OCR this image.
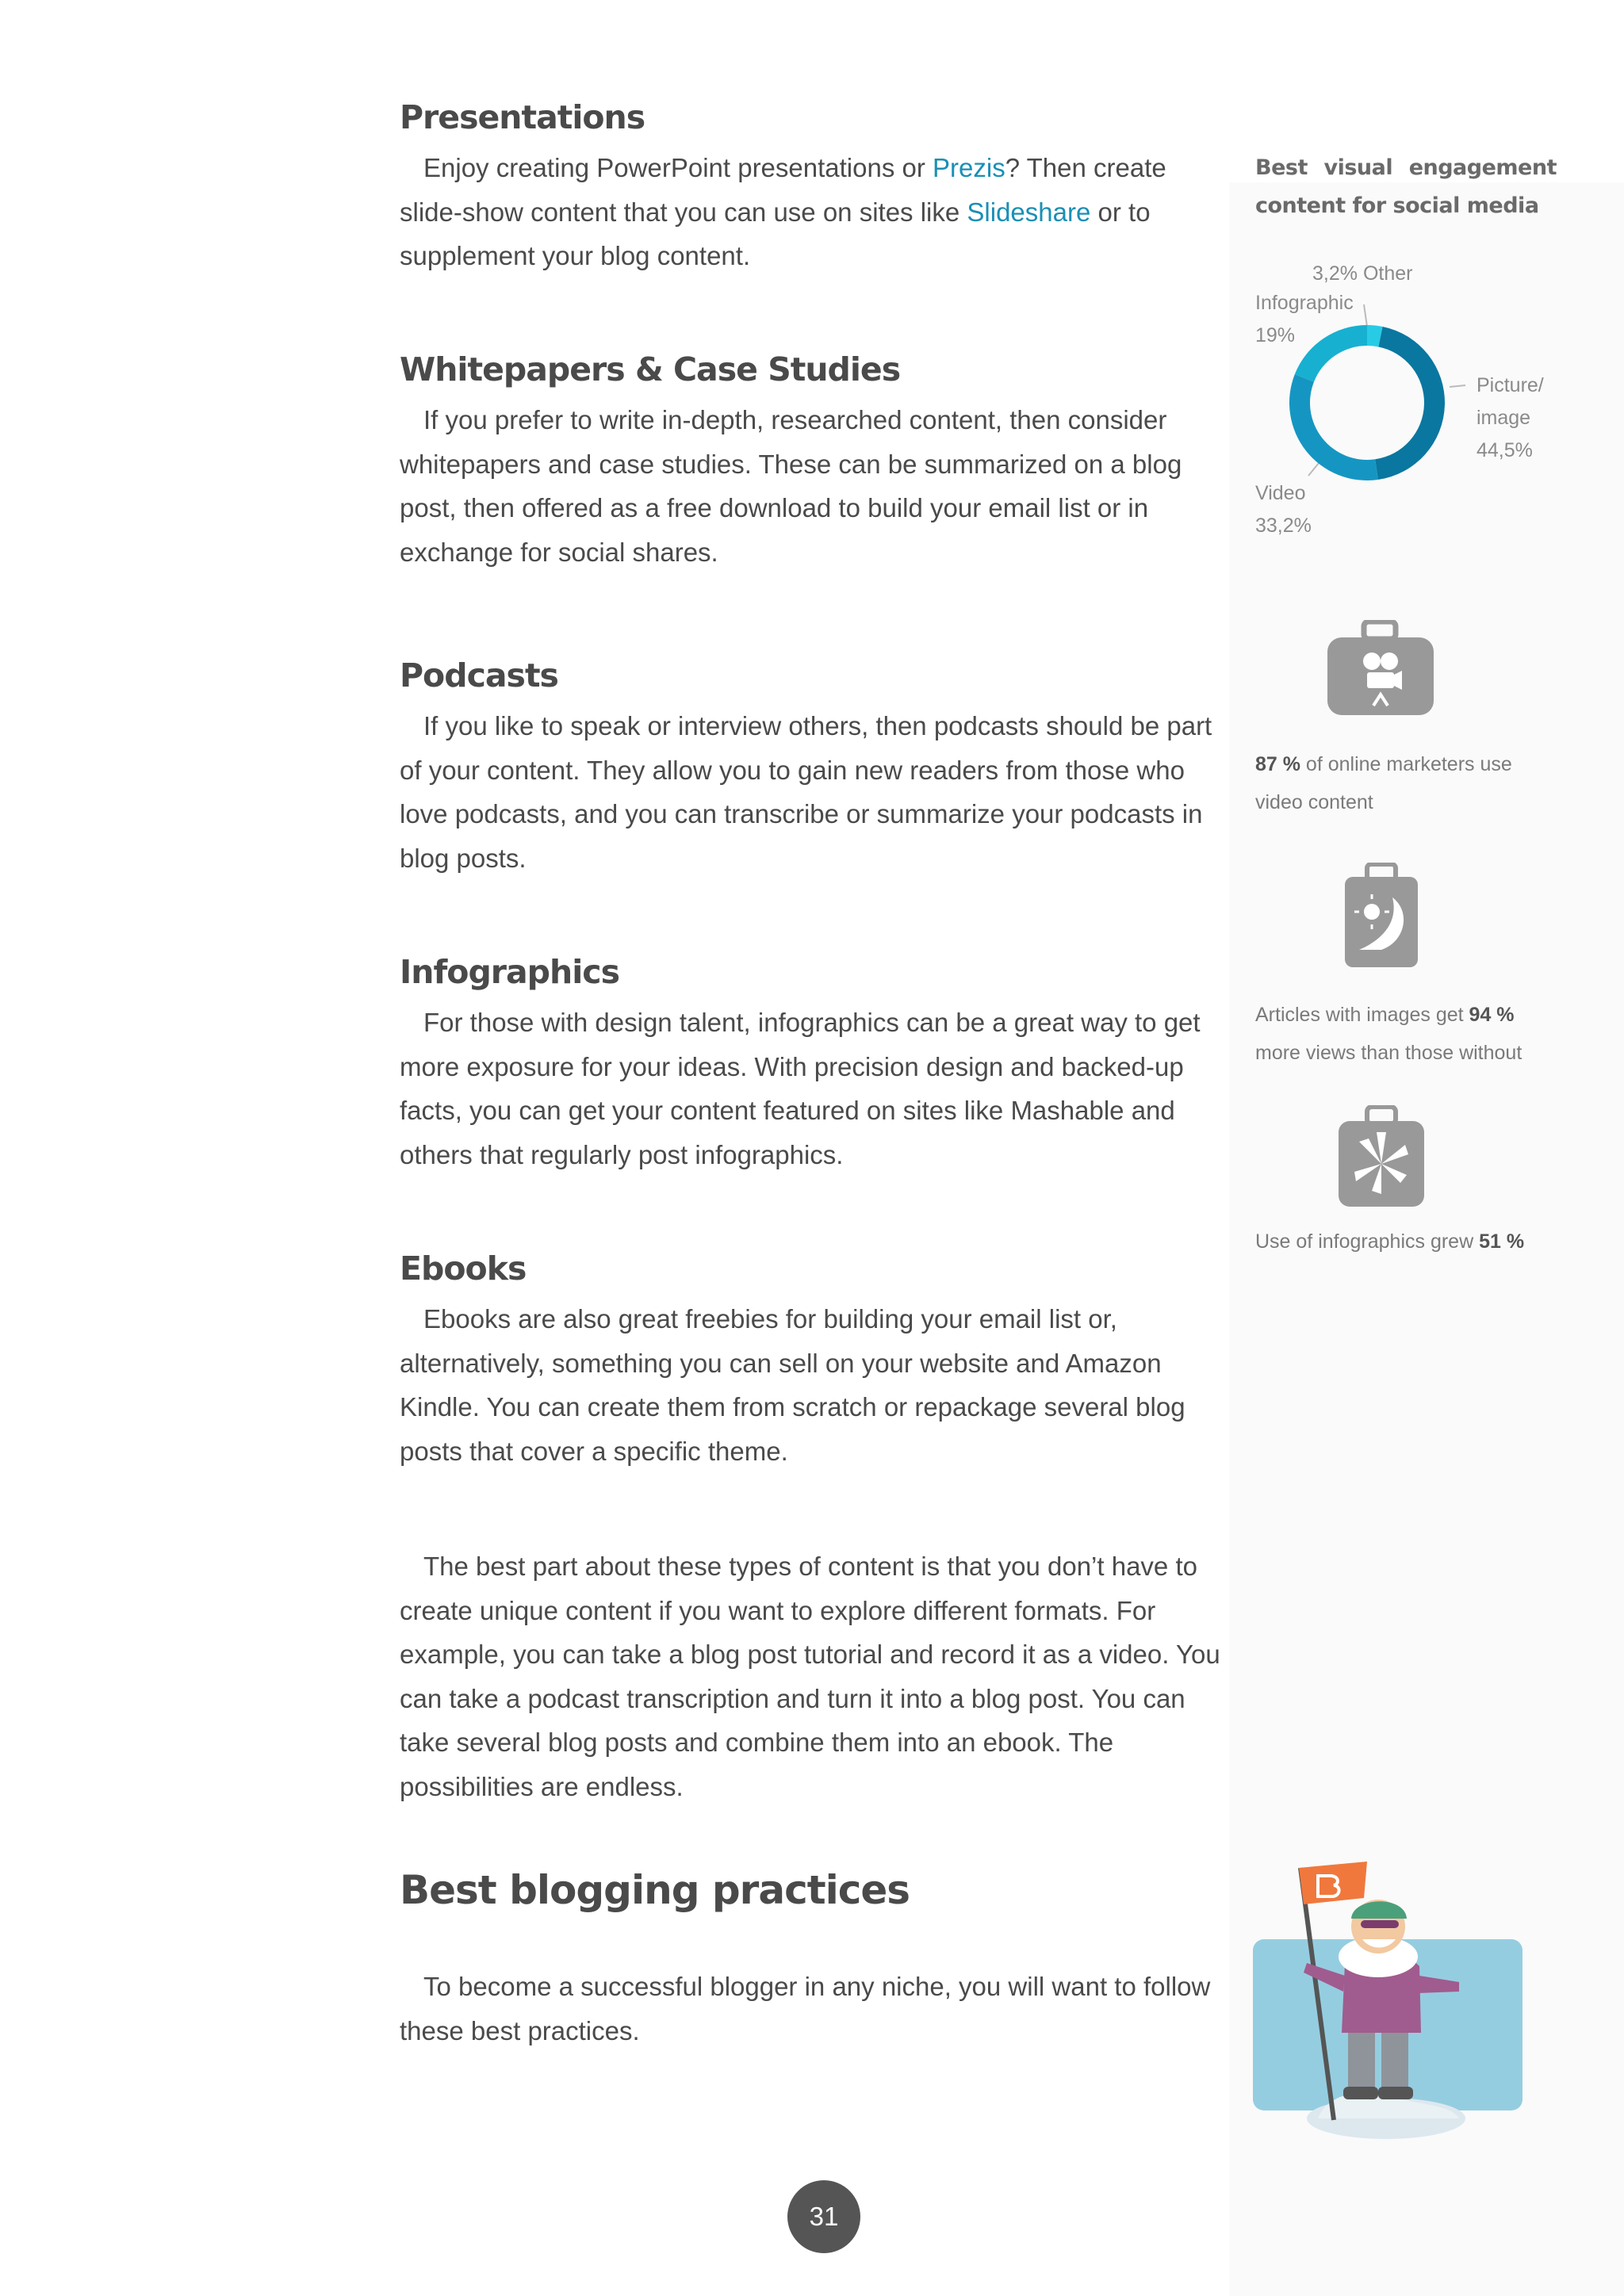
Presentations

Enjoy creating PowerPoint presentations or Prezis? Then create slide-show content that you can use on sites like Slideshare or to supplement your blog content.

Whitepapers & Case Studies

If you prefer to write in-depth, researched content, then consider whitepapers and case studies. These can be summarized on a blog post, then offered as a free download to build your email list or in exchange for social shares.

Podcasts

If you like to speak or interview others, then podcasts should be part of your content. They allow you to gain new readers from those who love podcasts, and you can transcribe or summarize your podcasts in blog posts.

Infographics

For those with design talent, infographics can be a great way to get more exposure for your ideas. With precision design and backed-up facts, you can get your content featured on sites like Mashable and others that regularly post infographics.

Ebooks

Ebooks are also great freebies for building your email list or, alternatively, something you can sell on your website and Amazon Kindle. You can create them from scratch or repackage several blog posts that cover a specific theme.

The best part about these types of content is that you don’t have to create unique content if you want to explore different formats. For example, you can take a blog post tutorial and record it as a video. You can take a podcast transcription and turn it into a blog post. You can take several blog posts and combine them into an ebook. The possibilities are endless.

Best blogging practices

To become a successful blogger in any niche, you will want to follow these best practices.

Best visual engagement content for social media
3,2% Other
Infographic
19%
Picture/ image
44,5%
Video
33,2%
87 % of online marketers use video content
Articles with images get 94 % more views than those without
Use of infographics grew 51 %
31
